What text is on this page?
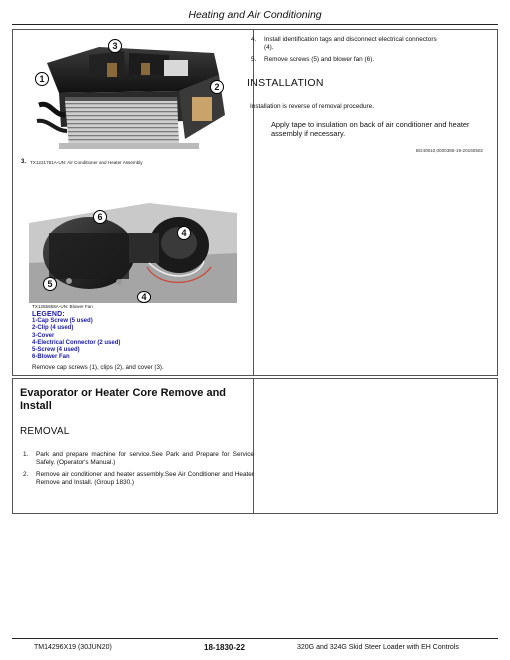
Heating and Air Conditioning
3
1
2
TX1221761A-UN: Air Conditioner and Heater Assembly
3.
6
4
4
5
TX1255658A-UN: Blower Fan
LEGEND:
1-Cap Screw (5 used)
2-Clip (4 used)
3-Cover
4-Electrical Connector (2 used)
5-Screw (4 used)
6-Blower Fan
Remove cap screws (1), clips (2), and cover (3).
4. Install identification tags and disconnect electrical connectors
(4).
5. Remove screws (5) and blower fan (6).
INSTALLATION
Installation is reverse of removal procedure.
Apply tape to insulation on back of air conditioner and heater assembly if necessary.
BG40810,0000385-19-20160502
Evaporator or Heater Core Remove and Install
REMOVAL
1. Park and prepare machine for service.See Park and Prepare for Service Safely. (Operator's Manual.)
2. Remove air conditioner and heater assembly.See Air Conditioner and Heater Remove and Install. (Group 1830.)
TM14296X19 (30JUN20)	18-1830-22	320G and 324G Skid Steer Loader with EH Controls
